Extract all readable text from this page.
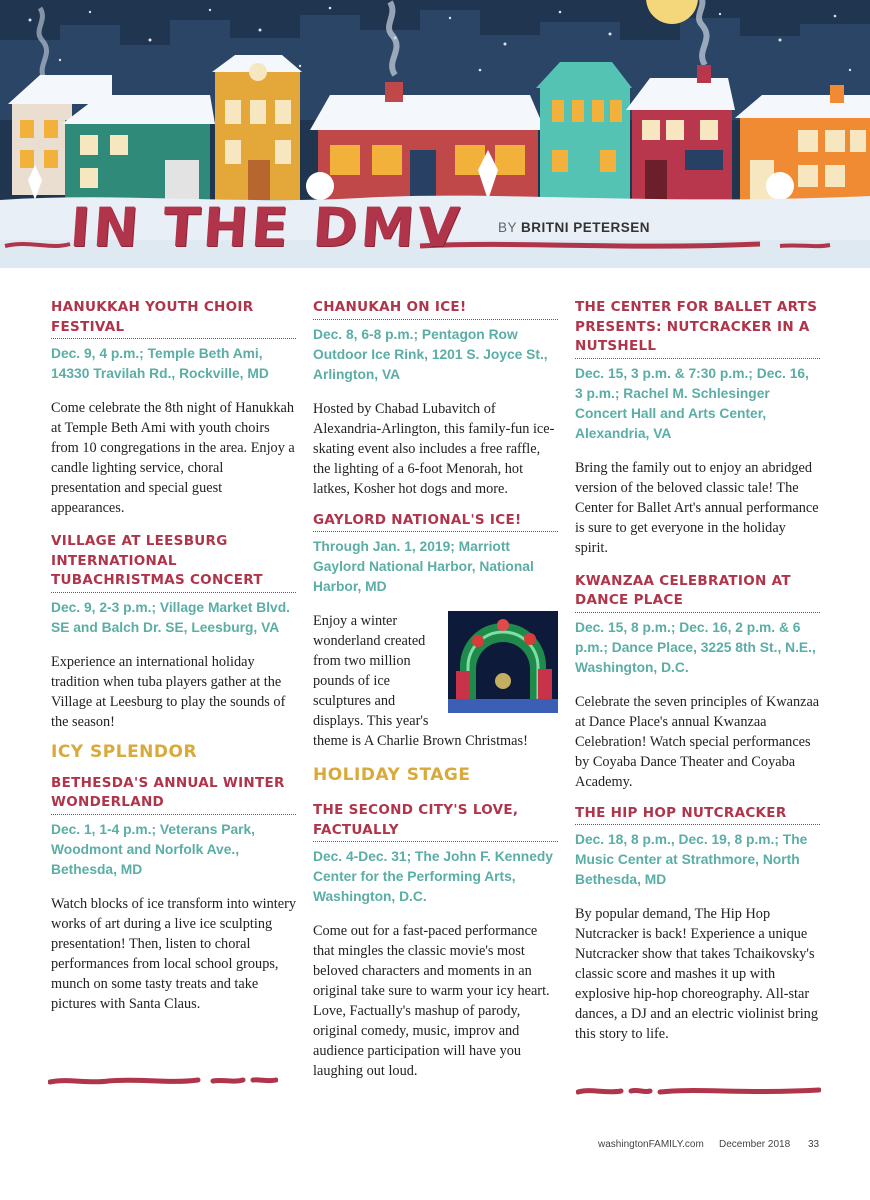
IN THE DMV BY BRITNI PETERSEN
HANUKKAH YOUTH CHOIR FESTIVAL

Dec. 9, 4 p.m.; Temple Beth Ami, 14330 Travilah Rd., Rockville, MD

Come celebrate the 8th night of Hanukkah at Temple Beth Ami with youth choirs from 10 congregations in the area. Enjoy a candle lighting service, choral presentation and special guest appearances.

VILLAGE AT LEESBURG INTERNATIONAL TUBACHRISTMAS CONCERT

Dec. 9, 2-3 p.m.; Village Market Blvd. SE and Balch Dr. SE, Leesburg, VA

Experience an international holiday tradition when tuba players gather at the Village at Leesburg to play the sounds of the season!

ICY SPLENDOR
BETHESDA'S ANNUAL WINTER WONDERLAND

Dec. 1, 1-4 p.m.; Veterans Park, Woodmont and Norfolk Ave., Bethesda, MD

Watch blocks of ice transform into wintery works of art during a live ice sculpting presentation! Then, listen to choral performances from local school groups, munch on some tasty treats and take pictures with Santa Claus.

CHANUKAH ON ICE!

Dec. 8, 6-8 p.m.; Pentagon Row Outdoor Ice Rink, 1201 S. Joyce St., Arlington, VA

Hosted by Chabad Lubavitch of Alexandria-Arlington, this family-fun ice-skating event also includes a free raffle, the lighting of a 6-foot Menorah, hot latkes, Kosher hot dogs and more.

GAYLORD NATIONAL'S ICE!

Through Jan. 1, 2019; Marriott Gaylord National Harbor, National Harbor, MD

Enjoy a winter wonderland created from two million pounds of ice sculptures and displays. This year's theme is A Charlie Brown Christmas!

HOLIDAY STAGE
THE SECOND CITY'S LOVE, FACTUALLY

Dec. 4-Dec. 31; The John F. Kennedy Center for the Performing Arts, Washington, D.C.

Come out for a fast-paced performance that mingles the classic movie's most beloved characters and moments in an original take sure to warm your icy heart. Love, Factually's mashup of parody, original comedy, music, improv and audience participation will have you laughing out loud.

THE CENTER FOR BALLET ARTS PRESENTS: NUTCRACKER IN A NUTSHELL

Dec. 15, 3 p.m. & 7:30 p.m.; Dec. 16, 3 p.m.; Rachel M. Schlesinger Concert Hall and Arts Center, Alexandria, VA

Bring the family out to enjoy an abridged version of the beloved classic tale! The Center for Ballet Art's annual performance is sure to get everyone in the holiday spirit.

KWANZAA CELEBRATION AT DANCE PLACE

Dec. 15, 8 p.m.; Dec. 16, 2 p.m. & 6 p.m.; Dance Place, 3225 8th St., N.E., Washington, D.C.

Celebrate the seven principles of Kwanzaa at Dance Place's annual Kwanzaa Celebration! Watch special performances by Coyaba Dance Theater and Coyaba Academy.

THE HIP HOP NUTCRACKER

Dec. 18, 8 p.m., Dec. 19, 8 p.m.; The Music Center at Strathmore, North Bethesda, MD

By popular demand, The Hip Hop Nutcracker is back! Experience a unique Nutcracker show that takes Tchaikovsky's classic score and mashes it up with explosive hip-hop choreography. All-star dances, a DJ and an electric violinist bring this story to life.

washingtonFAMILY.com December 2018 33
